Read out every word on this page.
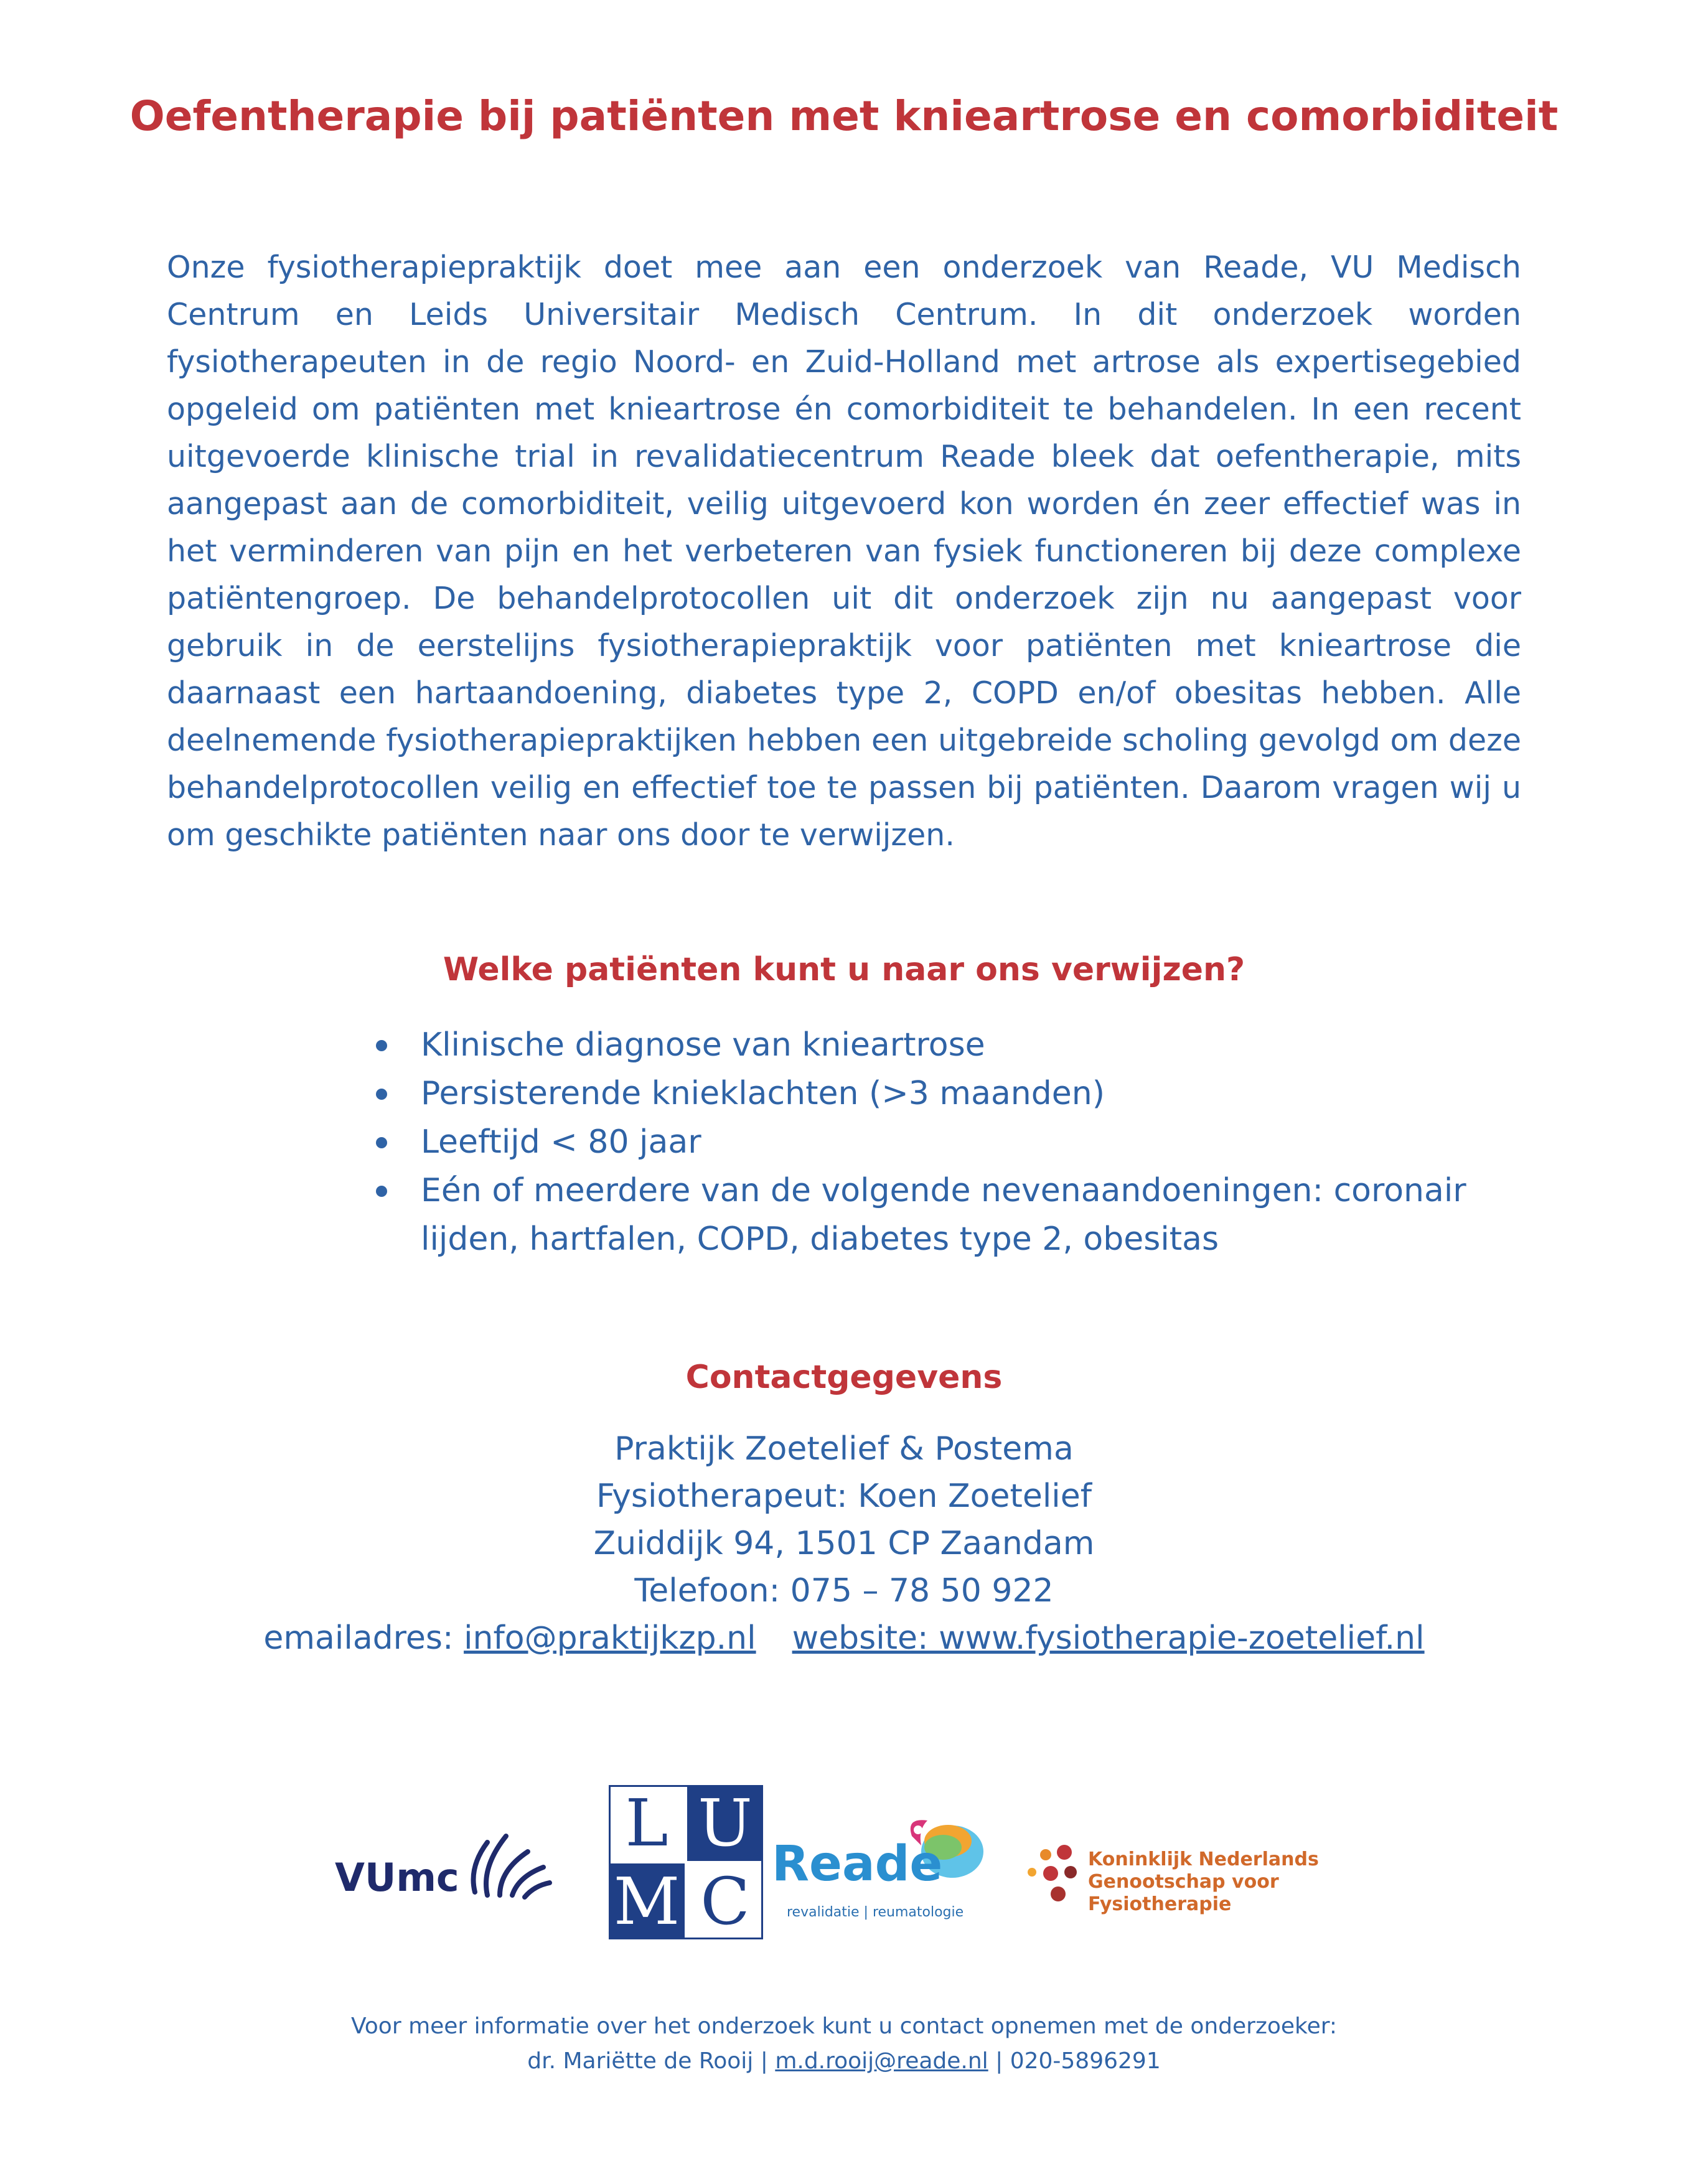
Oefentherapie bij patiënten met knieartrose en comorbiditeit
Onze fysiotherapiepraktijk doet mee aan een onderzoek van Reade, VU Medisch Centrum en Leids Universitair Medisch Centrum. In dit onderzoek worden fysiotherapeuten in de regio Noord- en Zuid-Holland met artrose als expertisegebied opgeleid om patiënten met knieartrose én comorbiditeit te behandelen. In een recent uitgevoerde klinische trial in revalidatiecentrum Reade bleek dat oefentherapie, mits aangepast aan de comorbiditeit, veilig uitgevoerd kon worden én zeer effectief was in het verminderen van pijn en het verbeteren van fysiek functioneren bij deze complexe patiëntengroep. De behandelprotocollen uit dit onderzoek zijn nu aangepast voor gebruik in de eerstelijns fysiotherapiepraktijk voor patiënten met knieartrose die daarnaast een hartaandoening, diabetes type 2, COPD en/of obesitas hebben. Alle deelnemende fysiotherapiepraktijken hebben een uitgebreide scholing gevolgd om deze behandelprotocollen veilig en effectief toe te passen bij patiënten. Daarom vragen wij u om geschikte patiënten naar ons door te verwijzen.
Welke patiënten kunt u naar ons verwijzen?
Klinische diagnose van knieartrose
Persisterende knieklachten (>3 maanden)
Leeftijd < 80 jaar
Eén of meerdere van de volgende nevenaandoeningen: coronair lijden, hartfalen, COPD, diabetes type 2, obesitas
Contactgegevens
Praktijk Zoetelief & Postema
Fysiotherapeut: Koen Zoetelief
Zuiddijk 94, 1501 CP Zaandam
Telefoon: 075 – 78 50 922
emailadres: info@praktijkzp.nl website: www.fysiotherapie-zoetelief.nl
VUmc
L U
M C Reade
revalidatie | reumatologie
Koninklijk Nederlands
Genootschap voor Fysiotherapie
Voor meer informatie over het onderzoek kunt u contact opnemen met de onderzoeker:
dr. Mariëtte de Rooij | m.d.rooij@reade.nl | 020-5896291
